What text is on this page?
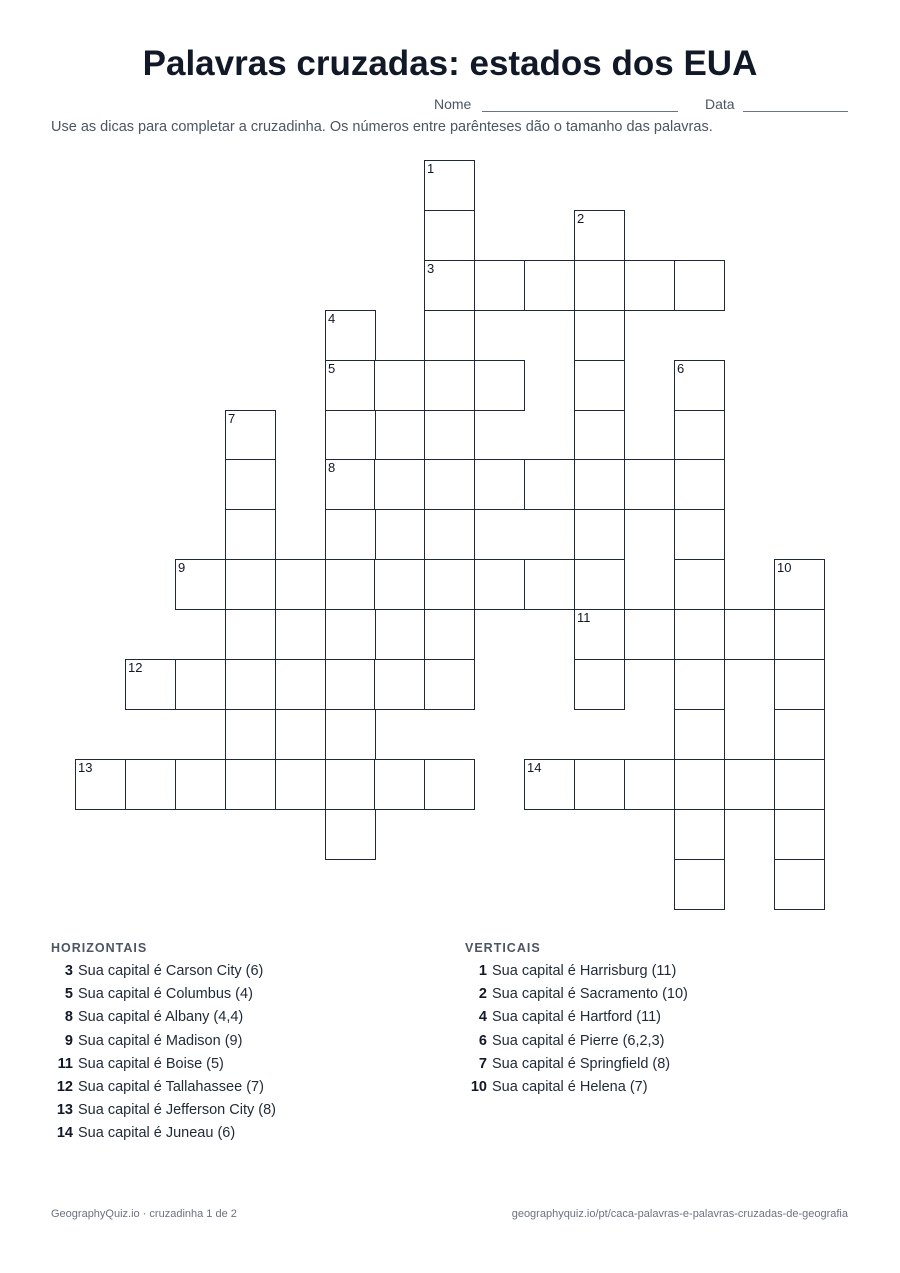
Palavras cruzadas: estados dos EUA
Nome	Data

Use as dicas para completar a cruzadinha. Os números entre parênteses dão o tamanho das palavras.

1
3
2
11
4
5
8
6
7
9	10
12
13	14
HORIZONTAIS
3 Sua capital é Carson City (6)
5 Sua capital é Columbus (4)
8 Sua capital é Albany (4,4)
9 Sua capital é Madison (9)
11 Sua capital é Boise (5)
12 Sua capital é Tallahassee (7)
13 Sua capital é Jefferson City (8)
14 Sua capital é Juneau (6)
VERTICAIS
1 Sua capital é Harrisburg (11)
2 Sua capital é Sacramento (10)
4 Sua capital é Hartford (11)
6 Sua capital é Pierre (6,2,3)
7 Sua capital é Springfield (8)
10 Sua capital é Helena (7)
GeographyQuiz.io · cruzadinha 1 de 2	geographyquiz.io/pt/caca-palavras-e-palavras-cruzadas-de-geografia
